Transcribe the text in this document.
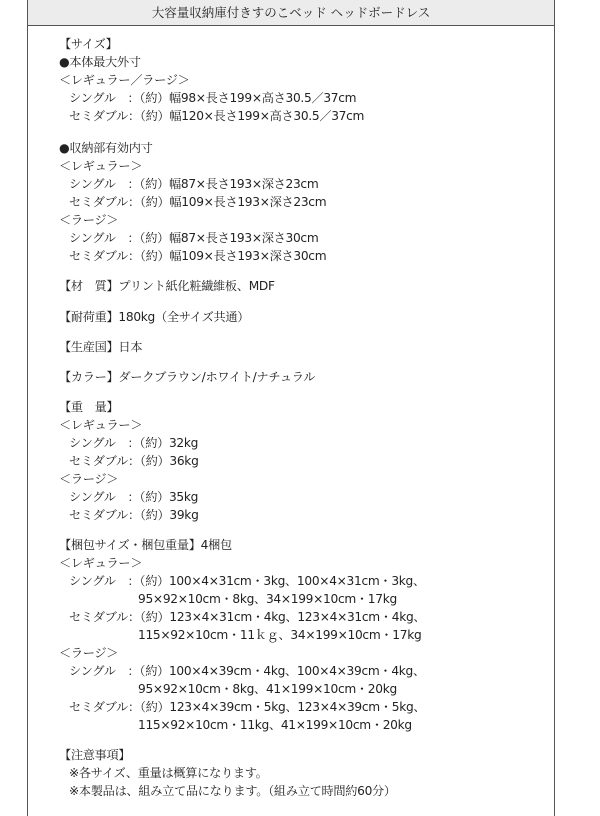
大容量収納庫付きすのこベッド ヘッドボードレス
【サイズ】
●本体最大外寸
＜レギュラー／ラージ＞
シングル　：（約）幅98×長さ199×高さ30.5／37cm
セミダブル：（約）幅120×長さ199×高さ30.5／37cm
●収納部有効内寸
＜レギュラー＞
シングル　：（約）幅87×長さ193×深さ23cm
セミダブル：（約）幅109×長さ193×深さ23cm
＜ラージ＞
シングル　：（約）幅87×長さ193×深さ30cm
セミダブル：（約）幅109×長さ193×深さ30cm
【材　質】プリント紙化粧繊維板、MDF
【耐荷重】180kg（全サイズ共通）
【生産国】日本
【カラー】ダークブラウン/ホワイト/ナチュラル
【重　量】
＜レギュラー＞
シングル　：（約）32kg
セミダブル：（約）36kg
＜ラージ＞
シングル　：（約）35kg
セミダブル：（約）39kg
【梱包サイズ・梱包重量】4梱包
＜レギュラー＞
シングル　：（約）100×4×31cm・3kg、100×4×31cm・3kg、
95×92×10cm・8kg、34×199×10cm・17kg
セミダブル：（約）123×4×31cm・4kg、123×4×31cm・4kg、
115×92×10cm・11ｋｇ、34×199×10cm・17kg
＜ラージ＞
シングル　：（約）100×4×39cm・4kg、100×4×39cm・4kg、
95×92×10cm・8kg、41×199×10cm・20kg
セミダブル：（約）123×4×39cm・5kg、123×4×39cm・5kg、
115×92×10cm・11kg、41×199×10cm・20kg
【注意事項】
※各サイズ、重量は概算になります。
※本製品は、組み立て品になります。（組み立て時間約60分）
